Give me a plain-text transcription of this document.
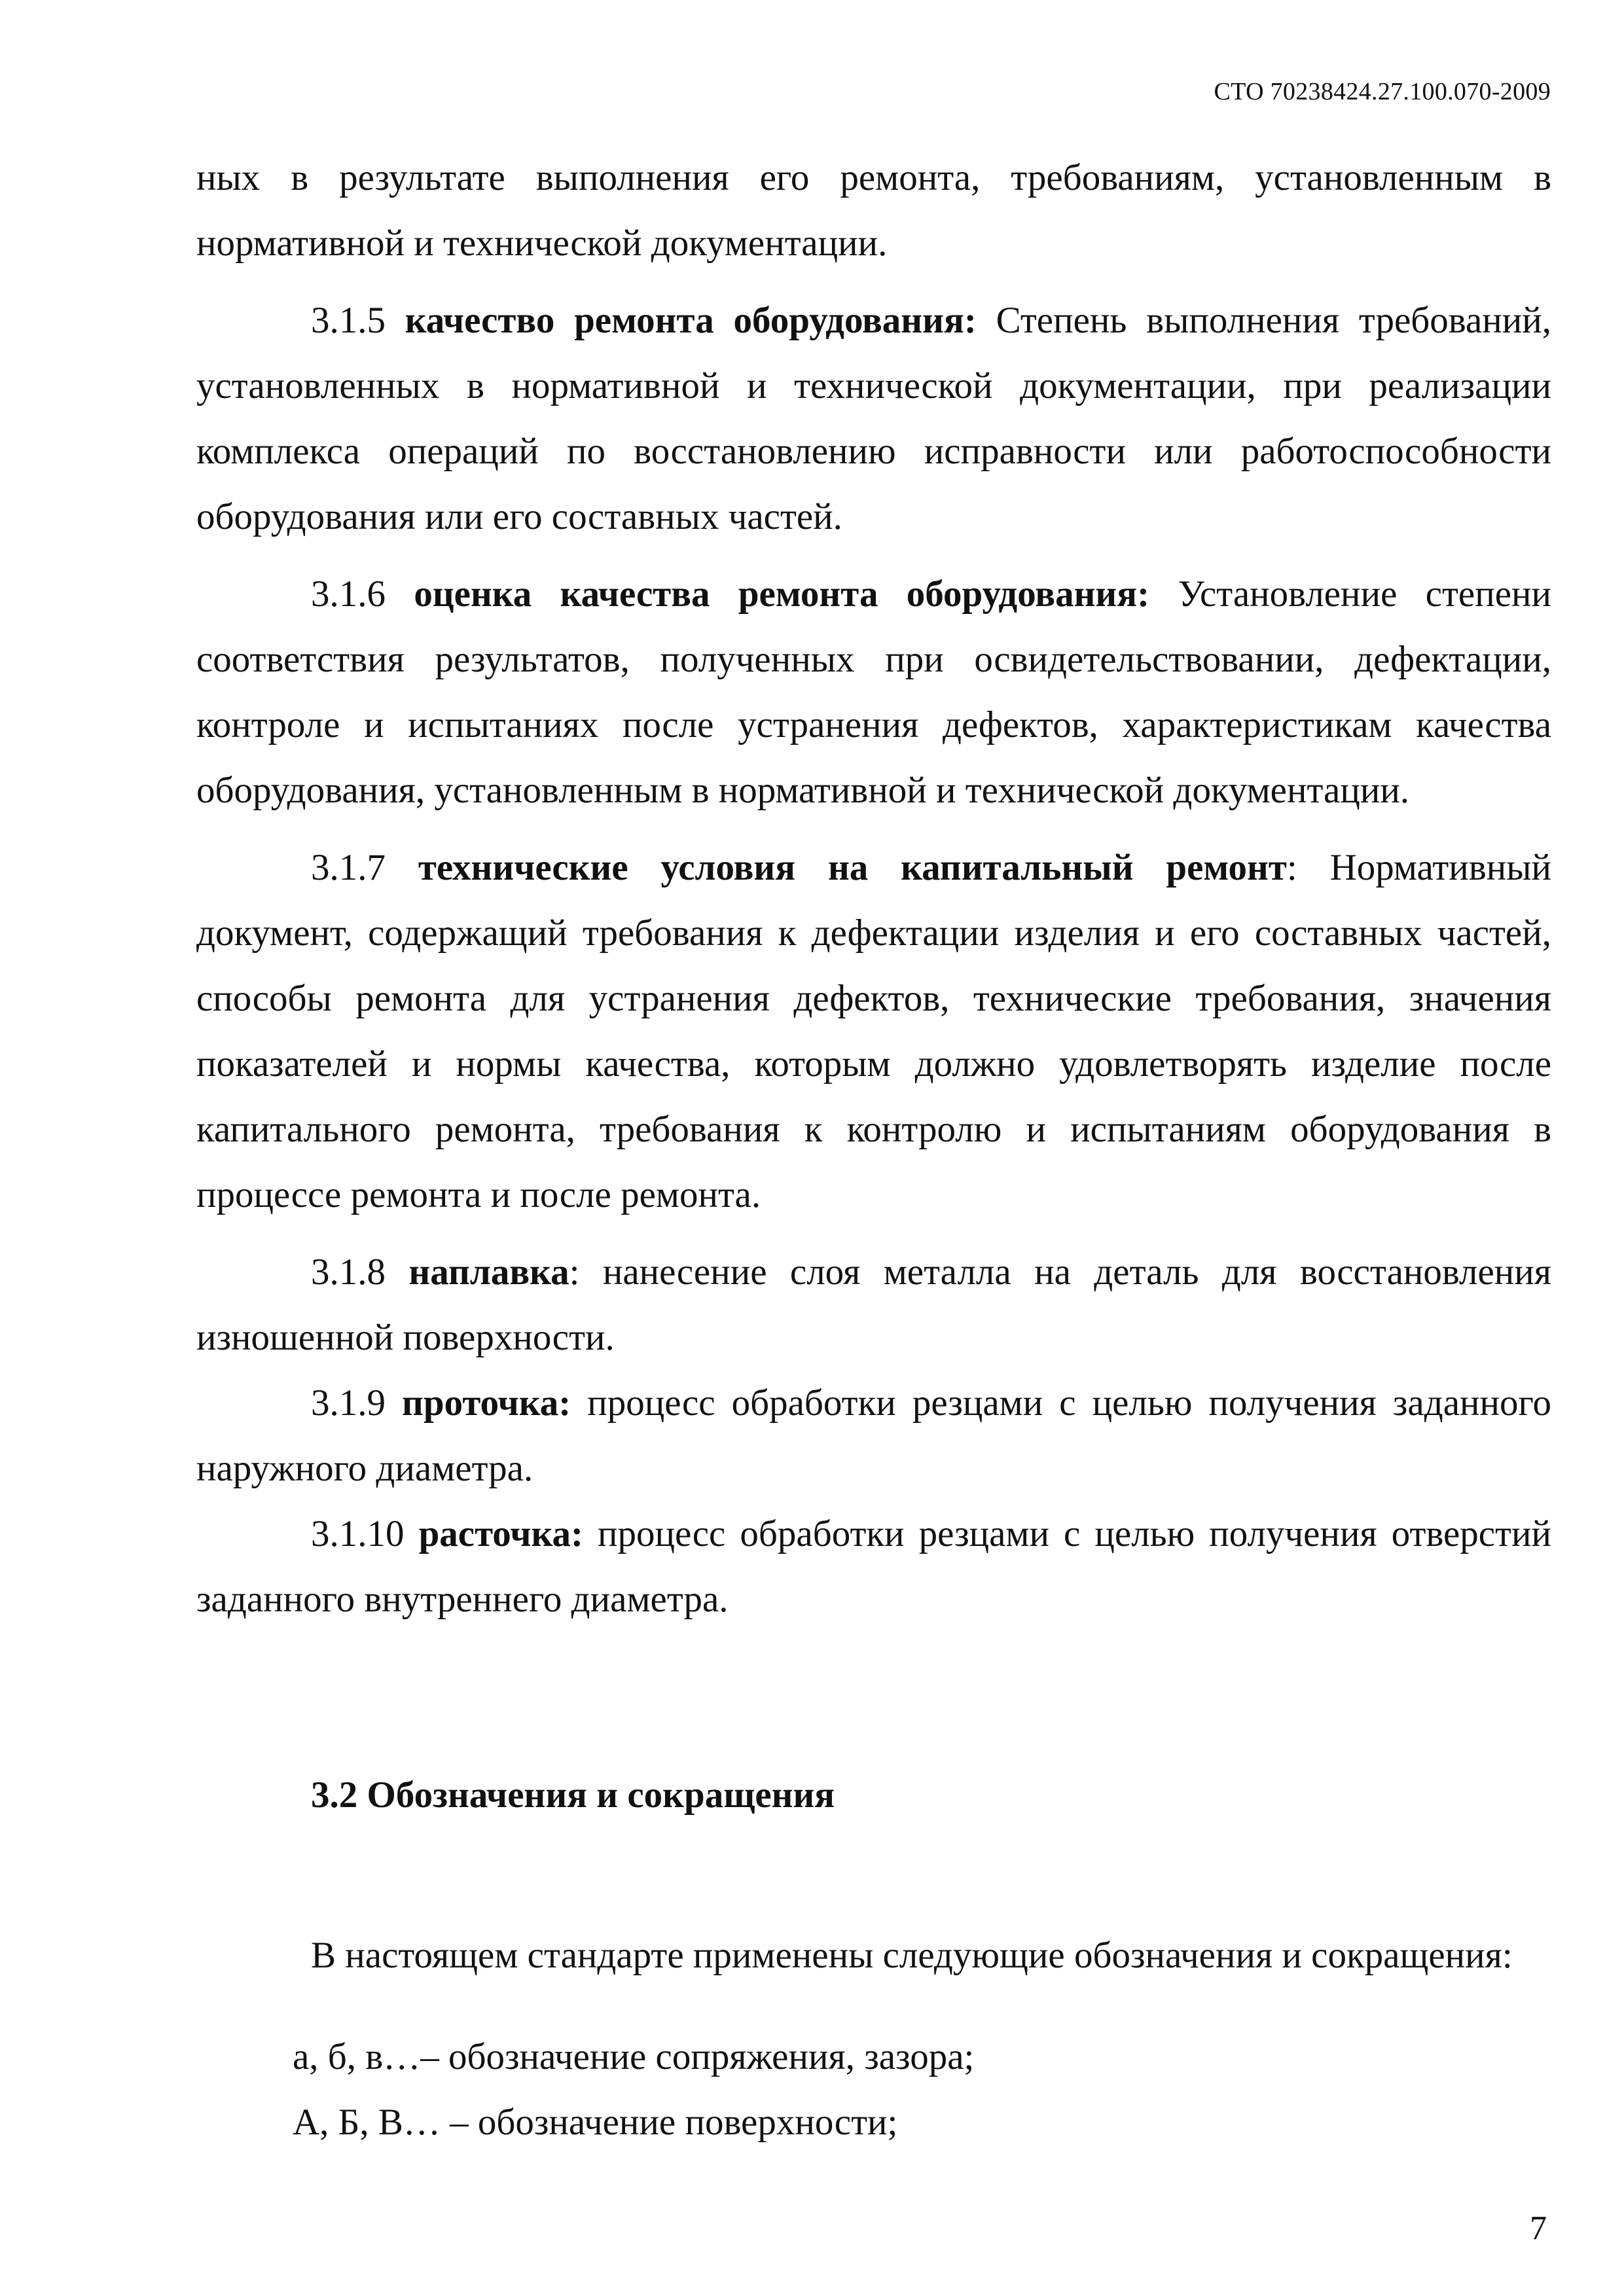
СТО 70238424.27.100.070-2009

ных в результате выполнения его ремонта, требованиям, установленным в нормативной и технической документации.

3.1.5 качество ремонта оборудования: Степень выполнения требований, установленных в нормативной и технической документации, при реализации комплекса операций по восстановлению исправности или работоспособности оборудования или его составных частей.

3.1.6 оценка качества ремонта оборудования: Установление степени соответствия результатов, полученных при освидетельствовании, дефектации, контроле и испытаниях после устранения дефектов, характеристикам качества оборудования, установленным в нормативной и технической документации.

3.1.7 технические условия на капитальный ремонт: Нормативный документ, содержащий требования к дефектации изделия и его составных частей, способы ремонта для устранения дефектов, технические требования, значения показателей и нормы качества, которым должно удовлетворять изделие после капитального ремонта, требования к контролю и испытаниям оборудования в процессе ремонта и после ремонта.

3.1.8 наплавка: нанесение слоя металла на деталь для восстановления изношенной поверхности.

3.1.9 проточка: процесс обработки резцами с целью получения заданного наружного диаметра.

3.1.10 расточка: процесс обработки резцами с целью получения отверстий заданного внутреннего диаметра.

3.2 Обозначения и сокращения
В настоящем стандарте применены следующие обозначения и сокращения:
а, б, в…– обозначение сопряжения, зазора;
А, Б, В… – обозначение поверхности;
7
